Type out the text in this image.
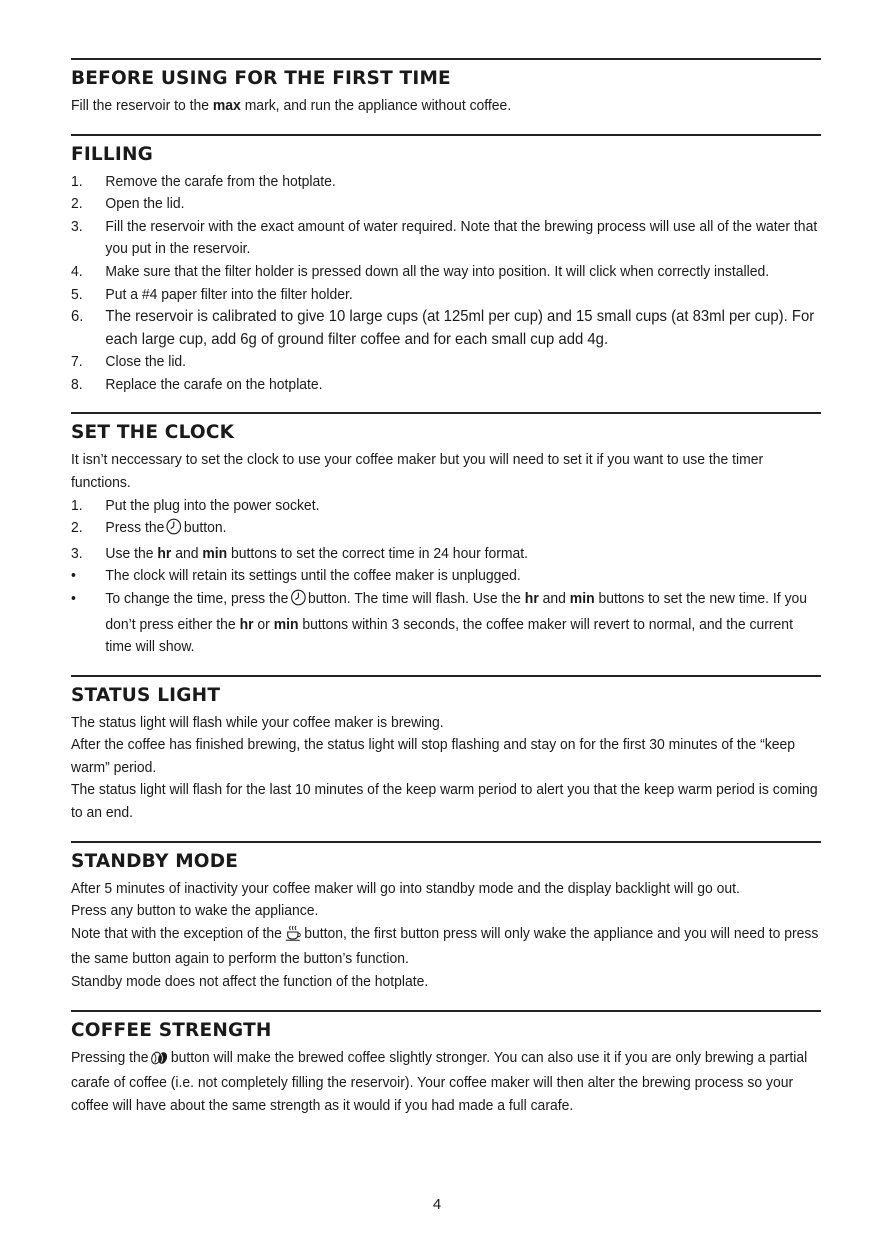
BEFORE USING FOR THE FIRST TIME

Fill the reservoir to the max mark, and run the appliance without coffee.

FILLING
1.	Remove the carafe from the hotplate.
2.	Open the lid.
3.	Fill the reservoir with the exact amount of water required. Note that the brewing process will use all of the water that you put in the reservoir.
4.	Make sure that the filter holder is pressed down all the way into position. It will click when correctly installed.
5.	Put a #4 paper filter into the filter holder.
6.	The reservoir is calibrated to give 10 large cups (at 125ml per cup) and 15 small cups (at 83ml per cup). For each large cup, add 6g of ground filter coffee and for each small cup add 4g.
7.	Close the lid.
8.	Replace the carafe on the hotplate.
SET THE CLOCK

It isn’t neccessary to set the clock to use your coffee maker but you will need to set it if you want to use the timer functions.

1.	Put the plug into the power socket.
2.	Press the button.
3.	Use the hr and min buttons to set the correct time in 24 hour format.
•	The clock will retain its settings until the coffee maker is unplugged.
•	To change the time, press the button. The time will flash. Use the hr and min buttons to set the new time. If you don’t press either the hr or min buttons within 3 seconds, the coffee maker will revert to normal, and the current time will show.
STATUS LIGHT

The status light will flash while your coffee maker is brewing.

After the coffee has finished brewing, the status light will stop flashing and stay on for the first 30 minutes of the “keep warm” period.

The status light will flash for the last 10 minutes of the keep warm period to alert you that the keep warm period is coming to an end.

STANDBY MODE

After 5 minutes of inactivity your coffee maker will go into standby mode and the display backlight will go out.

Press any button to wake the appliance.

Note that with the exception of the button, the first button press will only wake the appliance and you will need to press the same button again to perform the button’s function.

Standby mode does not affect the function of the hotplate.

COFFEE STRENGTH

Pressing the button will make the brewed coffee slightly stronger. You can also use it if you are only brewing a partial carafe of coffee (i.e. not completely filling the reservoir). Your coffee maker will then alter the brewing process so your coffee will have about the same strength as it would if you had made a full carafe.

4
